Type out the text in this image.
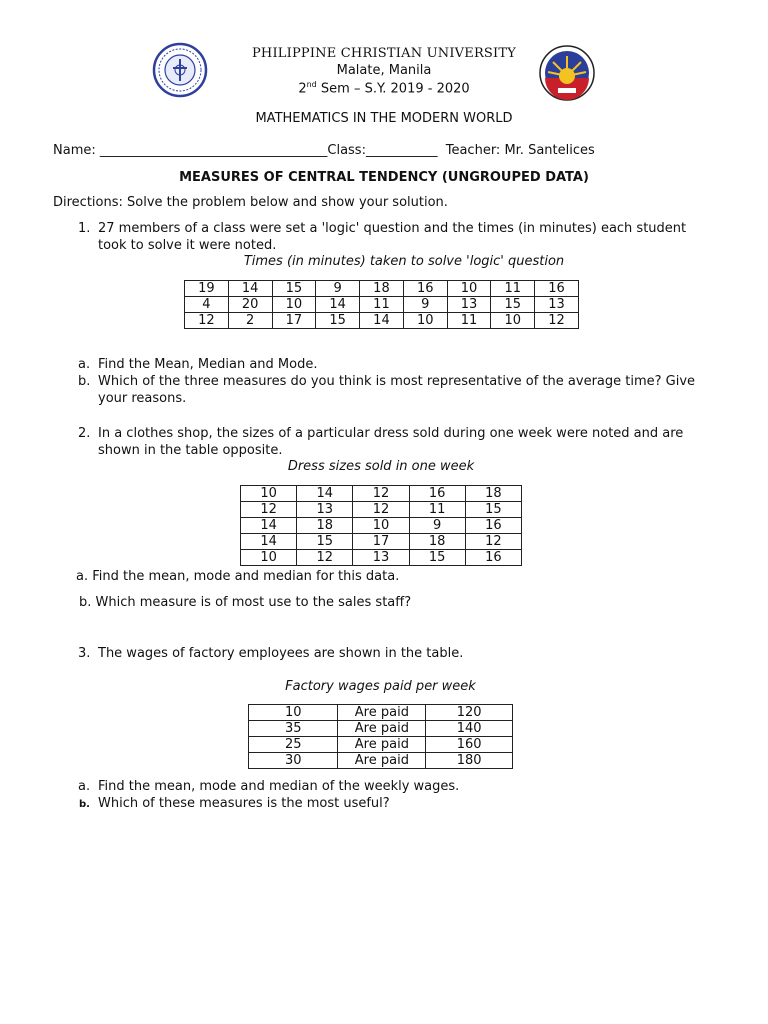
PHILIPPINE CHRISTIAN UNIVERSITY
Malate, Manila
2nd Sem – S.Y. 2019 - 2020
MATHEMATICS IN THE MODERN WORLD
Name: ___________________________________Class:___________ Teacher: Mr. Santelices
MEASURES OF CENTRAL TENDENCY (UNGROUPED DATA)
Directions: Solve the problem below and show your solution.
1. 27 members of a class were set a 'logic' question and the times (in minutes) each student took to solve it were noted.
Times (in minutes) taken to solve 'logic' question
19	14	15	9	18	16	10	11	16
4	20	10	14	11	9	13	15	13
12	2	17	15	14	10	11	10	12
a. Find the Mean, Median and Mode.
b. Which of the three measures do you think is most representative of the average time? Give your reasons.
2. In a clothes shop, the sizes of a particular dress sold during one week were noted and are shown in the table opposite.
Dress sizes sold in one week
10	14	12	16	18
12	13	12	11	15
14	18	10	9	16
14	15	17	18	12
10	12	13	15	16
a. Find the mean, mode and median for this data.
b. Which measure is of most use to the sales staff?
3. The wages of factory employees are shown in the table.
Factory wages paid per week
10	Are paid	120
35	Are paid	140
25	Are paid	160
30	Are paid	180
a. Find the mean, mode and median of the weekly wages.
b. Which of these measures is the most useful?
